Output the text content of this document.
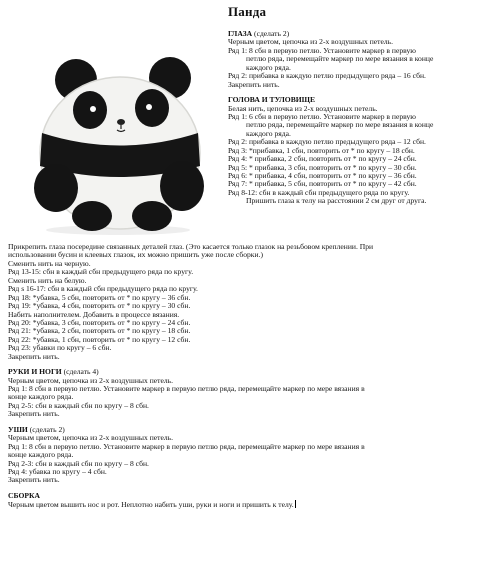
Панда
ГЛАЗА (сделать 2)
Черным цветом, цепочка из 2-х воздушных петель.
Ряд 1: 8 сбн в первую петлю. Установите маркер в первую
петлю ряда, перемещайте маркер по мере вязания в конце
каждого ряда.
Ряд 2: прибавка в каждую петлю предыдущего ряда – 16 сбн.
Закрепить нить.
ГОЛОВА И ТУЛОВИЩЕ
Белая нить, цепочка из 2-х воздушных петель.
Ряд 1: 6 сбн в первую петлю. Установите маркер в первую
петлю ряда, перемещайте маркер по мере вязания в конце
каждого ряда.
Ряд 2: прибавка в каждую петлю предыдущего ряда – 12 сбн.
Ряд 3: *прибавка, 1 сбн, повторить от * по кругу – 18 сбн.
Ряд 4: * прибавка, 2 сбн, повторить от * по кругу – 24 сбн.
Ряд 5: * прибавка, 3 сбн, повторить от * по кругу – 30 сбн.
Ряд 6: * прибавка, 4 сбн, повторить от * по кругу – 36 сбн.
Ряд 7: * прибавка, 5 сбн, повторить от * по кругу – 42 сбн.
Ряд 8-12: сбн в каждый сбн предыдущего ряда по кругу.
Пришить глаза к телу на расстоянии 2 см друг от друга.
Прикрепить глаза посередине связанных деталей глаз. (Это касается только глазок на резьбовом креплении. При
использовании бусин и клеевых глазок, их можно пришить уже после сборки.)
Сменить нить на черную.
Ряд 13-15: сбн в каждый сбн предыдущего ряда по кругу.
Сменить нить на белую.
Ряд s 16-17: сбн в каждый сбн предыдущего ряда по кругу.
Ряд 18: *убавка, 5 сбн, повторить от * по кругу – 36 сбн.
Ряд 19: *убавка, 4 сбн, повторить от * по кругу – 30 сбн.
Набить наполнителем. Добавить в процессе вязания.
Ряд 20: *убавка, 3 сбн, повторить от * по кругу – 24 сбн.
Ряд 21: *убавка, 2 сбн, повторить от * по кругу – 18 сбн.
Ряд 22: *убавка, 1 сбн, повторить от * по кругу – 12 сбн.
Ряд 23: убавки по кругу – 6 сбн.
Закрепить нить.
РУКИ И НОГИ (сделать 4)
Черным цветом, цепочка из 2-х воздушных петель.
Ряд 1: 8 сбн в первую петлю. Установите маркер в первую петлю ряда, перемещайте маркер по мере вязания в
конце каждого ряда.
Ряд 2-5: сбн в каждый сбн по кругу – 8 сбн.
Закрепить нить.
УШИ (сделать 2)
Черным цветом, цепочка из 2-х воздушных петель.
Ряд 1: 8 сбн в первую петлю. Установите маркер в первую петлю ряда, перемещайте маркер по мере вязания в
конце каждого ряда.
Ряд 2-3: сбн в каждый сбн по кругу – 8 сбн.
Ряд 4: убавка по кругу – 4 сбн.
Закрепить нить.
СБОРКА
Черным цветом вышить нос и рот. Неплотно набить уши, руки и ноги и пришить к телу.
